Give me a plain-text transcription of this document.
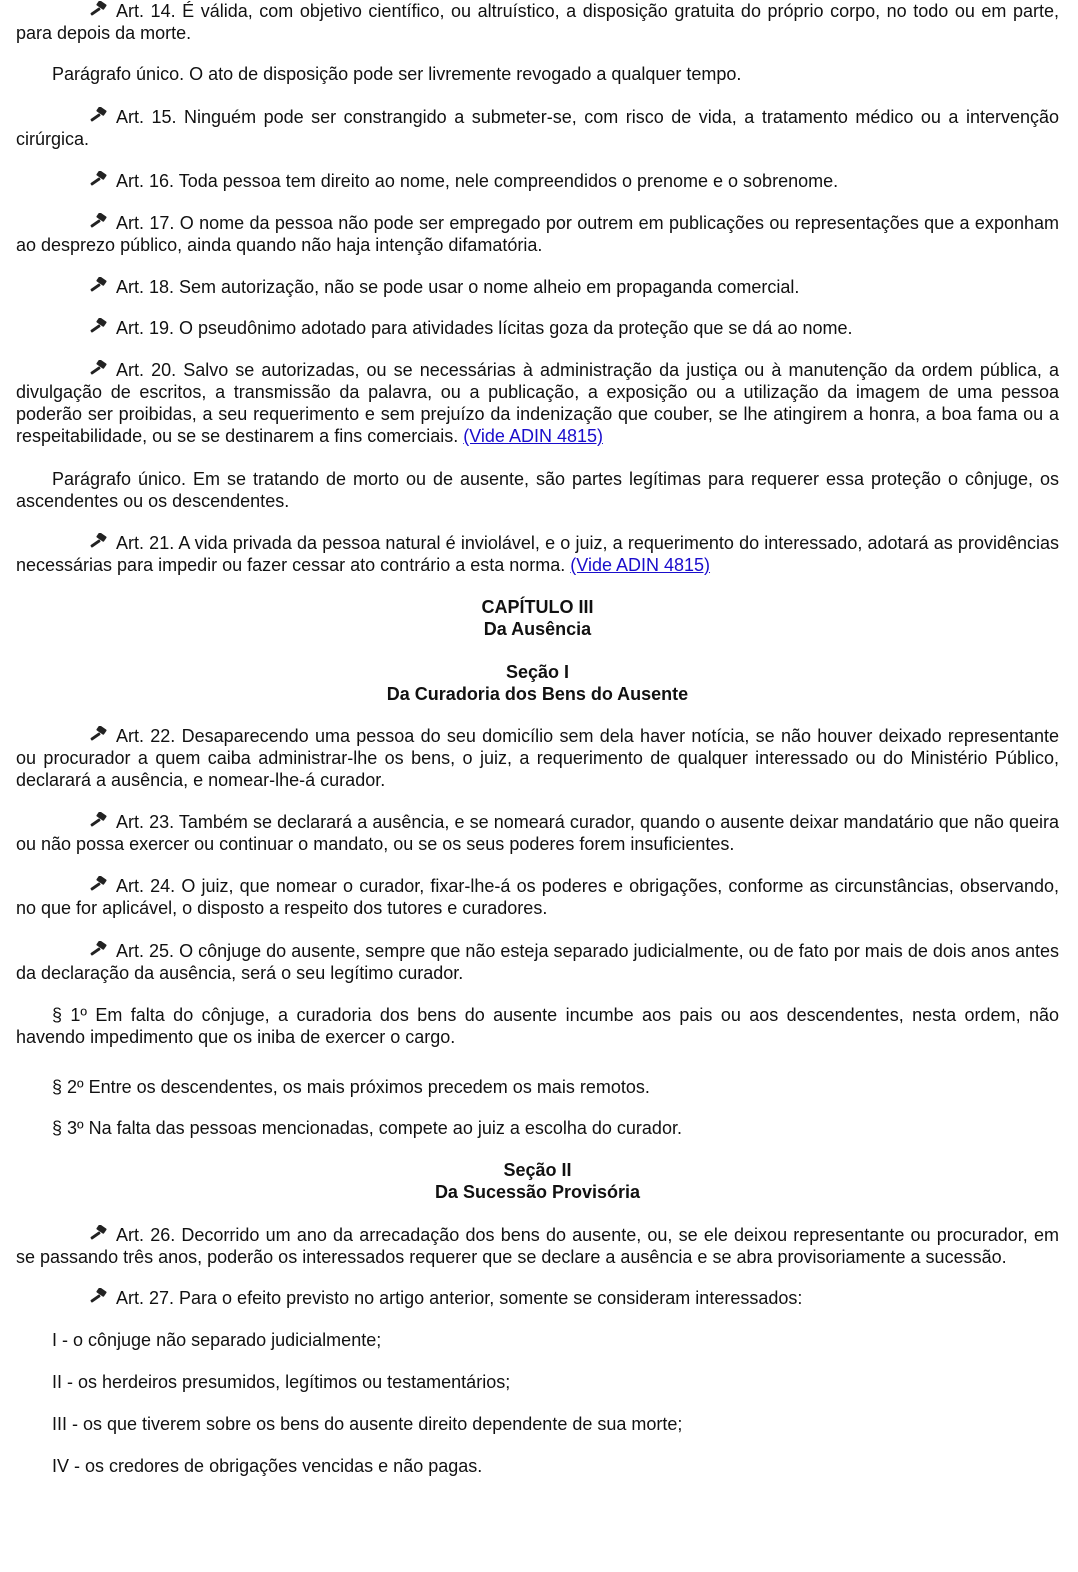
Art. 14. É válida, com objetivo científico, ou altruístico, a disposição gratuita do próprio corpo, no todo ou em parte, para depois da morte.

Parágrafo único. O ato de disposição pode ser livremente revogado a qualquer tempo.

Art. 15. Ninguém pode ser constrangido a submeter-se, com risco de vida, a tratamento médico ou a intervenção cirúrgica.

Art. 16. Toda pessoa tem direito ao nome, nele compreendidos o prenome e o sobrenome.

Art. 17. O nome da pessoa não pode ser empregado por outrem em publicações ou representações que a exponham ao desprezo público, ainda quando não haja intenção difamatória.

Art. 18. Sem autorização, não se pode usar o nome alheio em propaganda comercial.

Art. 19. O pseudônimo adotado para atividades lícitas goza da proteção que se dá ao nome.

Art. 20. Salvo se autorizadas, ou se necessárias à administração da justiça ou à manutenção da ordem pública, a divulgação de escritos, a transmissão da palavra, ou a publicação, a exposição ou a utilização da imagem de uma pessoa poderão ser proibidas, a seu requerimento e sem prejuízo da indenização que couber, se lhe atingirem a honra, a boa fama ou a respeitabilidade, ou se se destinarem a fins comerciais. (Vide ADIN 4815)

Parágrafo único. Em se tratando de morto ou de ausente, são partes legítimas para requerer essa proteção o cônjuge, os ascendentes ou os descendentes.

Art. 21. A vida privada da pessoa natural é inviolável, e o juiz, a requerimento do interessado, adotará as providências necessárias para impedir ou fazer cessar ato contrário a esta norma. (Vide ADIN 4815)

CAPÍTULO III
Da Ausência
Seção I
Da Curadoria dos Bens do Ausente

Art. 22. Desaparecendo uma pessoa do seu domicílio sem dela haver notícia, se não houver deixado representante ou procurador a quem caiba administrar-lhe os bens, o juiz, a requerimento de qualquer interessado ou do Ministério Público, declarará a ausência, e nomear-lhe-á curador.

Art. 23. Também se declarará a ausência, e se nomeará curador, quando o ausente deixar mandatário que não queira ou não possa exercer ou continuar o mandato, ou se os seus poderes forem insuficientes.

Art. 24. O juiz, que nomear o curador, fixar-lhe-á os poderes e obrigações, conforme as circunstâncias, observando, no que for aplicável, o disposto a respeito dos tutores e curadores.

Art. 25. O cônjuge do ausente, sempre que não esteja separado judicialmente, ou de fato por mais de dois anos antes da declaração da ausência, será o seu legítimo curador.

§ 1º Em falta do cônjuge, a curadoria dos bens do ausente incumbe aos pais ou aos descendentes, nesta ordem, não havendo impedimento que os iniba de exercer o cargo.

§ 2º Entre os descendentes, os mais próximos precedem os mais remotos.

§ 3º Na falta das pessoas mencionadas, compete ao juiz a escolha do curador.

Seção II
Da Sucessão Provisória

Art. 26. Decorrido um ano da arrecadação dos bens do ausente, ou, se ele deixou representante ou procurador, em se passando três anos, poderão os interessados requerer que se declare a ausência e se abra provisoriamente a sucessão.

Art. 27. Para o efeito previsto no artigo anterior, somente se consideram interessados:

I - o cônjuge não separado judicialmente;

II - os herdeiros presumidos, legítimos ou testamentários;

III - os que tiverem sobre os bens do ausente direito dependente de sua morte;

IV - os credores de obrigações vencidas e não pagas.
